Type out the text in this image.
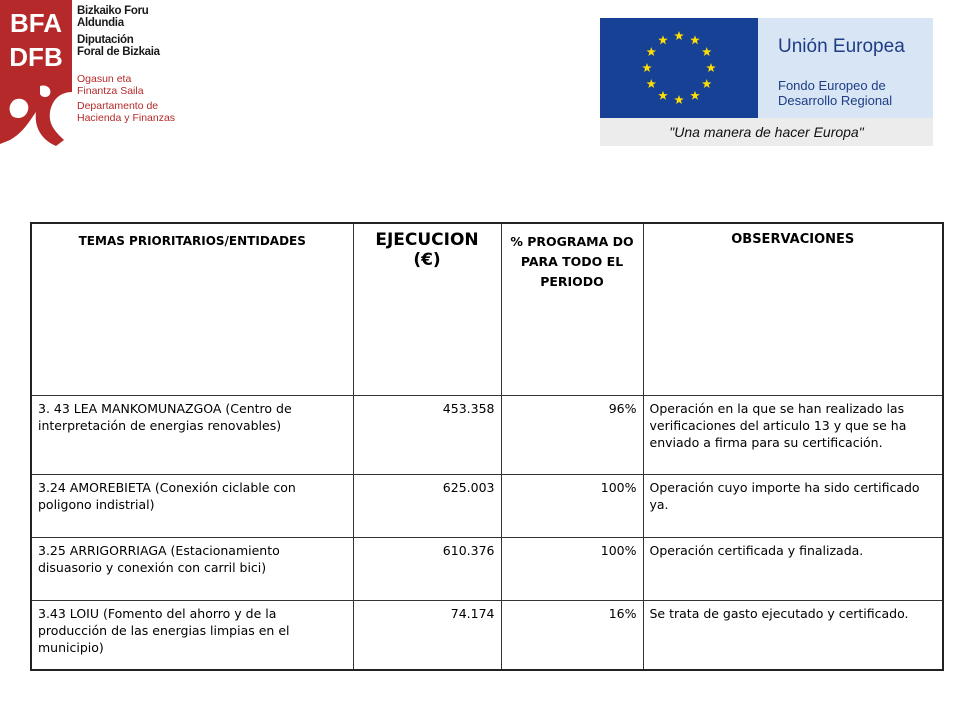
BFA
DFB
Bizkaiko Foru
Aldundia
Diputación
Foral de Bizkaia
Ogasun eta
Finantza Saila
Departamento de
Hacienda y Finanzas
Unión Europea
Fondo Europeo de
Desarrollo Regional
"Una manera de hacer Europa"
TEMAS PRIORITARIOS/ENTIDADES	EJECUCION (€)	% PROGRAMA DO PARA TODO EL PERIODO	OBSERVACIONES
3. 43 LEA MANKOMUNAZGOA (Centro de interpretación de energias renovables)	453.358	96%	Operación en la que se han realizado las verificaciones del articulo 13 y que se ha enviado a firma para su certificación.
3.24 AMOREBIETA (Conexión ciclable con poligono indistrial)	625.003	100%	Operación cuyo importe ha sido certificado ya.
3.25 ARRIGORRIAGA (Estacionamiento disuasorio y conexión con carril bici)	610.376	100%	Operación certificada y finalizada.
3.43 LOIU (Fomento del ahorro y de la producción de las energias limpias en el municipio)	74.174	16%	Se trata de gasto ejecutado y certificado.
